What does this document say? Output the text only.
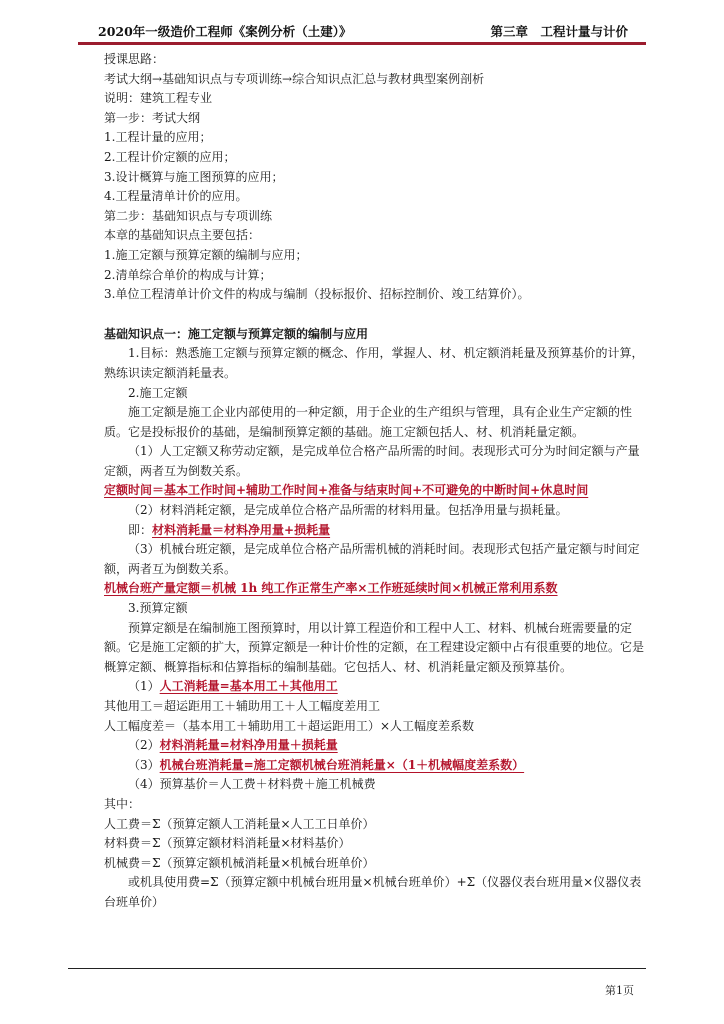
2020年一级造价工程师《案例分析（土建）》	第三章　工程计量与计价
授课思路：
考试大纲→基础知识点与专项训练→综合知识点汇总与教材典型案例剖析
说明：建筑工程专业
第一步：考试大纲
1.工程计量的应用；
2.工程计价定额的应用；
3.设计概算与施工图预算的应用；
4.工程量清单计价的应用。
第二步：基础知识点与专项训练
本章的基础知识点主要包括：
1.施工定额与预算定额的编制与应用；
2.清单综合单价的构成与计算；
3.单位工程清单计价文件的构成与编制（投标报价、招标控制价、竣工结算价）。
基础知识点一：施工定额与预算定额的编制与应用
1.目标：熟悉施工定额与预算定额的概念、作用，掌握人、材、机定额消耗量及预算基价的计算，熟练识读定额消耗量表。
2.施工定额
施工定额是施工企业内部使用的一种定额，用于企业的生产组织与管理，具有企业生产定额的性质。它是投标报价的基础，是编制预算定额的基础。施工定额包括人、材、机消耗量定额。
（1）人工定额又称劳动定额，是完成单位合格产品所需的时间。表现形式可分为时间定额与产量定额，两者互为倒数关系。
定额时间＝基本工作时间+辅助工作时间+准备与结束时间+不可避免的中断时间+休息时间
（2）材料消耗定额，是完成单位合格产品所需的材料用量。包括净用量与损耗量。
即：材料消耗量＝材料净用量+损耗量
（3）机械台班定额，是完成单位合格产品所需机械的消耗时间。表现形式包括产量定额与时间定额，两者互为倒数关系。
机械台班产量定额＝机械 1h 纯工作正常生产率×工作班延续时间×机械正常利用系数
3.预算定额
预算定额是在编制施工图预算时，用以计算工程造价和工程中人工、材料、机械台班需要量的定额。它是施工定额的扩大，预算定额是一种计价性的定额，在工程建设定额中占有很重要的地位。它是概算定额、概算指标和估算指标的编制基础。它包括人、材、机消耗量定额及预算基价。
（1）人工消耗量=基本用工＋其他用工
其他用工＝超运距用工＋辅助用工＋人工幅度差用工
人工幅度差＝（基本用工＋辅助用工＋超运距用工）×人工幅度差系数
（2）材料消耗量=材料净用量＋损耗量
（3）机械台班消耗量=施工定额机械台班消耗量×（1＋机械幅度差系数）
（4）预算基价＝人工费＋材料费＋施工机械费
其中：
人工费＝Σ（预算定额人工消耗量×人工工日单价）
材料费＝Σ（预算定额材料消耗量×材料基价）
机械费＝Σ（预算定额机械消耗量×机械台班单价）
或机具使用费=Σ（预算定额中机械台班用量×机械台班单价）+Σ（仪器仪表台班用量×仪器仪表台班单价）
第1页
